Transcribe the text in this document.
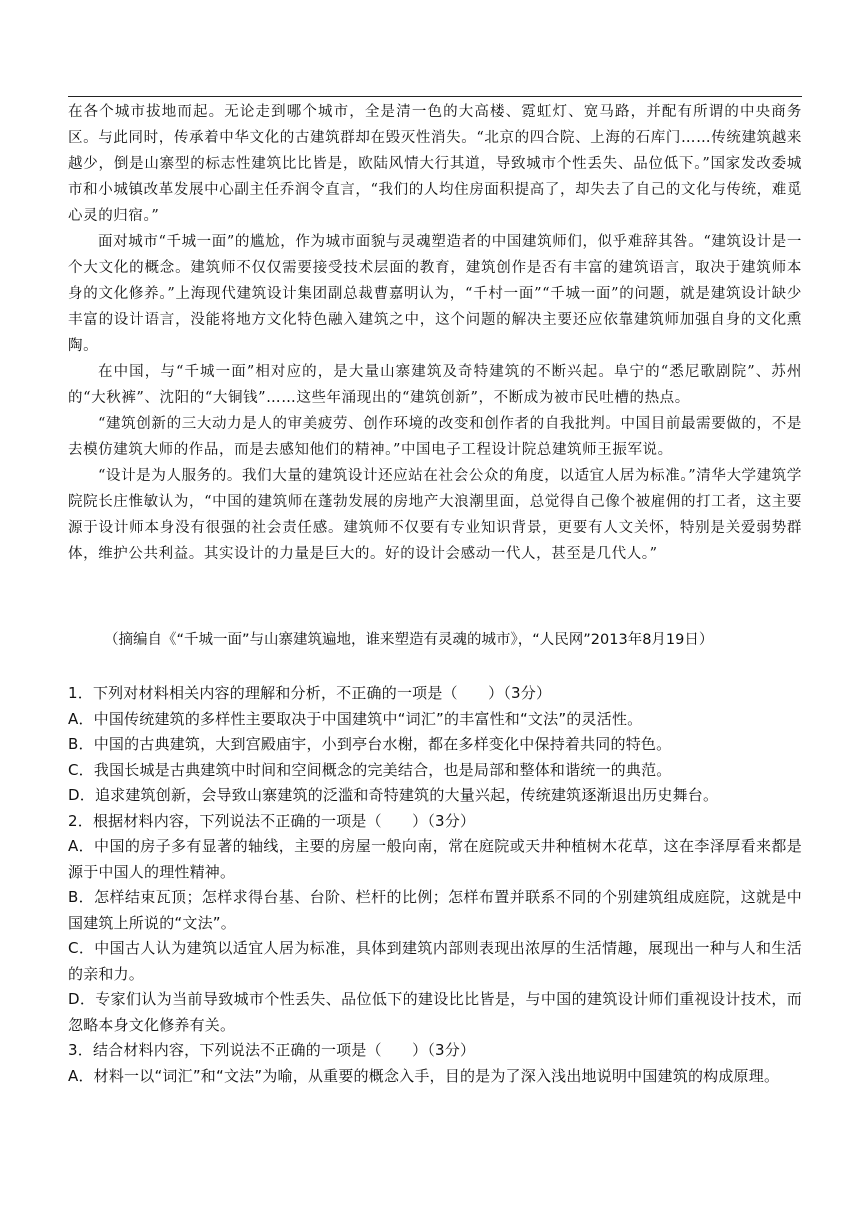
在各个城市拔地而起。无论走到哪个城市，全是清一色的大高楼、霓虹灯、宽马路，并配有所谓的中央商务区。与此同时，传承着中华文化的古建筑群却在毁灭性消失。“北京的四合院、上海的石库门……传统建筑越来越少，倒是山寨型的标志性建筑比比皆是，欧陆风情大行其道，导致城市个性丢失、品位低下。”国家发改委城市和小城镇改革发展中心副主任乔润令直言，“我们的人均住房面积提高了，却失去了自己的文化与传统，难觅心灵的归宿。”

面对城市“千城一面”的尴尬，作为城市面貌与灵魂塑造者的中国建筑师们，似乎难辞其咎。“建筑设计是一个大文化的概念。建筑师不仅仅需要接受技术层面的教育，建筑创作是否有丰富的建筑语言，取决于建筑师本身的文化修养。”上海现代建筑设计集团副总裁曹嘉明认为，“千村一面”“千城一面”的问题，就是建筑设计缺少丰富的设计语言，没能将地方文化特色融入建筑之中，这个问题的解决主要还应依靠建筑师加强自身的文化熏陶。

在中国，与“千城一面”相对应的，是大量山寨建筑及奇特建筑的不断兴起。阜宁的“悉尼歌剧院”、苏州的“大秋裤”、沈阳的“大铜钱”……这些年涌现出的“建筑创新”，不断成为被市民吐槽的热点。

“建筑创新的三大动力是人的审美疲劳、创作环境的改变和创作者的自我批判。中国目前最需要做的，不是去模仿建筑大师的作品，而是去感知他们的精神。”中国电子工程设计院总建筑师王振军说。

“设计是为人服务的。我们大量的建筑设计还应站在社会公众的角度，以适宜人居为标准。”清华大学建筑学院院长庄惟敏认为，“中国的建筑师在蓬勃发展的房地产大浪潮里面，总觉得自己像个被雇佣的打工者，这主要源于设计师本身没有很强的社会责任感。建筑师不仅要有专业知识背景，更要有人文关怀，特别是关爱弱势群体，维护公共利益。其实设计的力量是巨大的。好的设计会感动一代人，甚至是几代人。”

（摘编自《“千城一面”与山寨建筑遍地，谁来塑造有灵魂的城市》，“人民网”2013年8月19日）

1．下列对材料相关内容的理解和分析，不正确的一项是（　　）（3分）

A．中国传统建筑的多样性主要取决于中国建筑中“词汇”的丰富性和“文法”的灵活性。

B．中国的古典建筑，大到宫殿庙宇，小到亭台水榭，都在多样变化中保持着共同的特色。

C．我国长城是古典建筑中时间和空间概念的完美结合，也是局部和整体和谐统一的典范。

D．追求建筑创新，会导致山寨建筑的泛滥和奇特建筑的大量兴起，传统建筑逐渐退出历史舞台。

2．根据材料内容，下列说法不正确的一项是（　　）（3分）

A．中国的房子多有显著的轴线，主要的房屋一般向南，常在庭院或天井种植树木花草，这在李泽厚看来都是源于中国人的理性精神。

B．怎样结束瓦顶；怎样求得台基、台阶、栏杆的比例；怎样布置并联系不同的个别建筑组成庭院，这就是中国建筑上所说的“文法”。

C．中国古人认为建筑以适宜人居为标准，具体到建筑内部则表现出浓厚的生活情趣，展现出一种与人和生活的亲和力。

D．专家们认为当前导致城市个性丢失、品位低下的建设比比皆是，与中国的建筑设计师们重视设计技术，而忽略本身文化修养有关。

3．结合材料内容，下列说法不正确的一项是（　　）（3分）

A．材料一以“词汇”和“文法”为喻，从重要的概念入手，目的是为了深入浅出地说明中国建筑的构成原理。
